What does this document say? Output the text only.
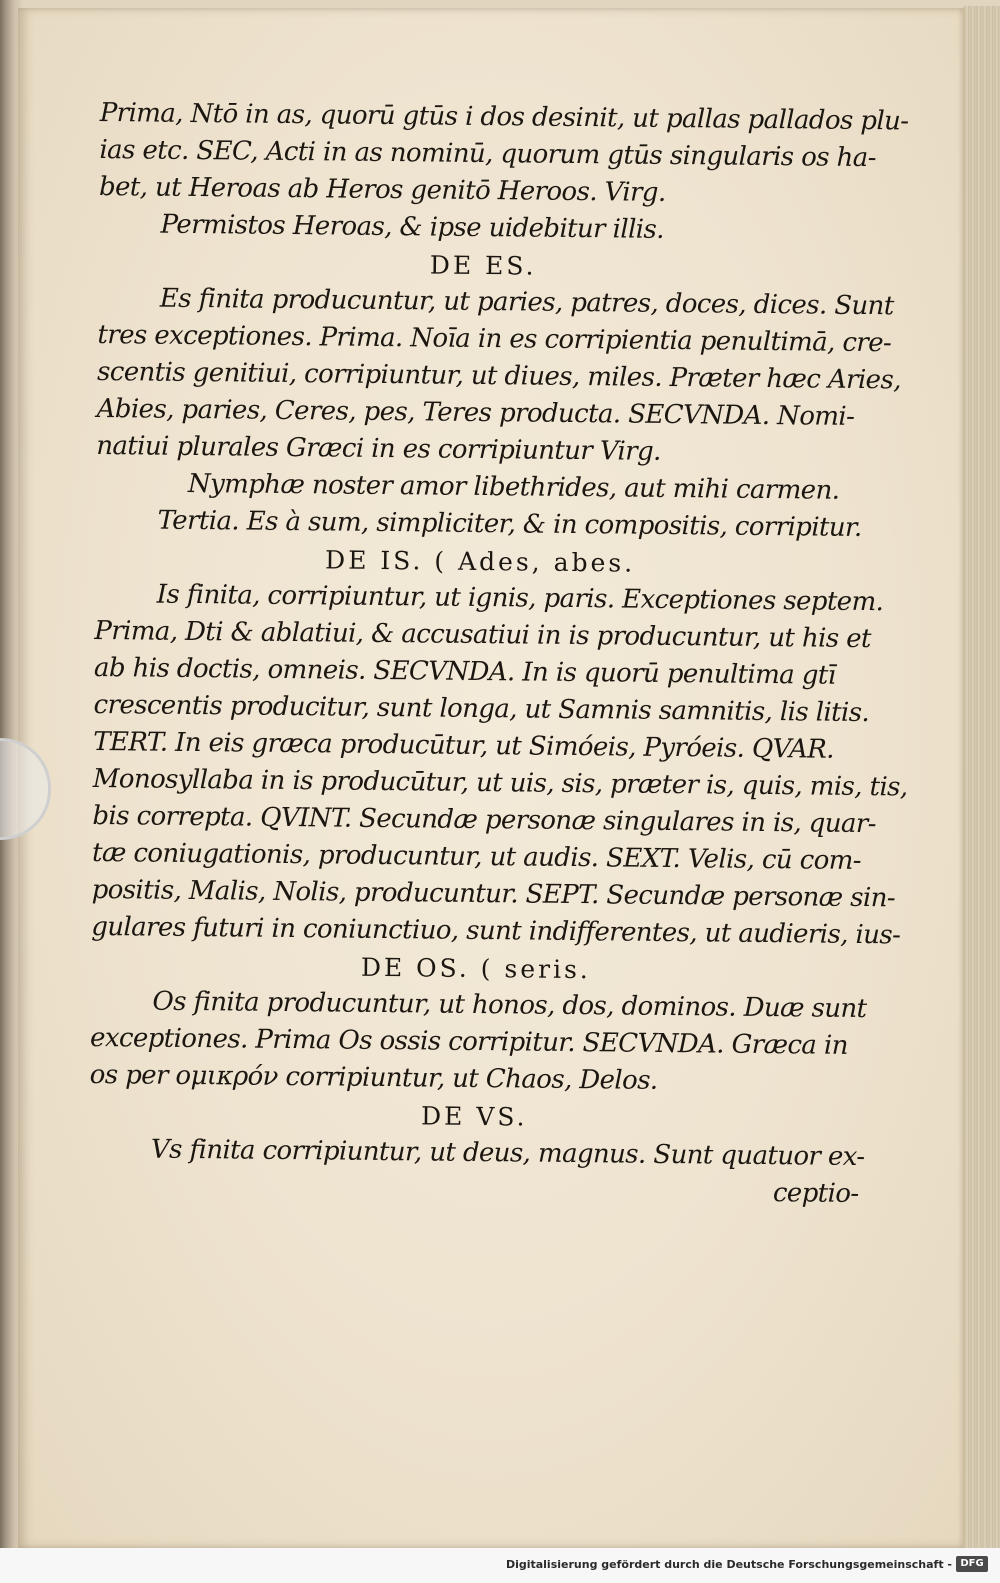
Prima, Ntō in as, quorū gtūs i dos desinit, ut pallas pallados plu-
ias etc. SEC, Acti in as nominū, quorum gtūs singularis os ha-
bet, ut Heroas ab Heros genitō Heroos. Virg.
Permistos Heroas, & ipse uidebitur illis.
DE ES.
Es finita producuntur, ut paries, patres, doces, dices. Sunt
tres exceptiones. Prima. Noīa in es corripientia penultimā, cre-
scentis genitiui, corripiuntur, ut diues, miles. Præter hæc Aries,
Abies, paries, Ceres, pes, Teres producta. SECVNDA. Nomi-
natiui plurales Græci in es corripiuntur Virg.
Nymphæ noster amor libethrides, aut mihi carmen.
Tertia. Es à sum, simpliciter, & in compositis, corripitur.
DE IS. ( Ades, abes.
Is finita, corripiuntur, ut ignis, paris. Exceptiones septem.
Prima, Dti & ablatiui, & accusatiui in is producuntur, ut his et
ab his doctis, omneis. SECVNDA. In is quorū penultima gtī
crescentis producitur, sunt longa, ut Samnis samnitis, lis litis.
TERT. In eis græca producūtur, ut Simóeis, Pyróeis. QVAR.
Monosyllaba in is producūtur, ut uis, sis, præter is, quis, mis, tis,
bis correpta. QVINT. Secundæ personæ singulares in is, quar-
tæ coniugationis, producuntur, ut audis. SEXT. Velis, cū com-
positis, Malis, Nolis, producuntur. SEPT. Secundæ personæ sin-
gulares futuri in coniunctiuo, sunt indifferentes, ut audieris, ius-
DE OS. ( seris.
Os finita producuntur, ut honos, dos, dominos. Duæ sunt
exceptiones. Prima Os ossis corripitur. SECVNDA. Græca in
os per ομικρόν corripiuntur, ut Chaos, Delos.
DE VS.
Vs finita corripiuntur, ut deus, magnus. Sunt quatuor ex-
ceptio-
Digitalisierung gefördert durch die Deutsche Forschungsgemeinschaft - DFG
